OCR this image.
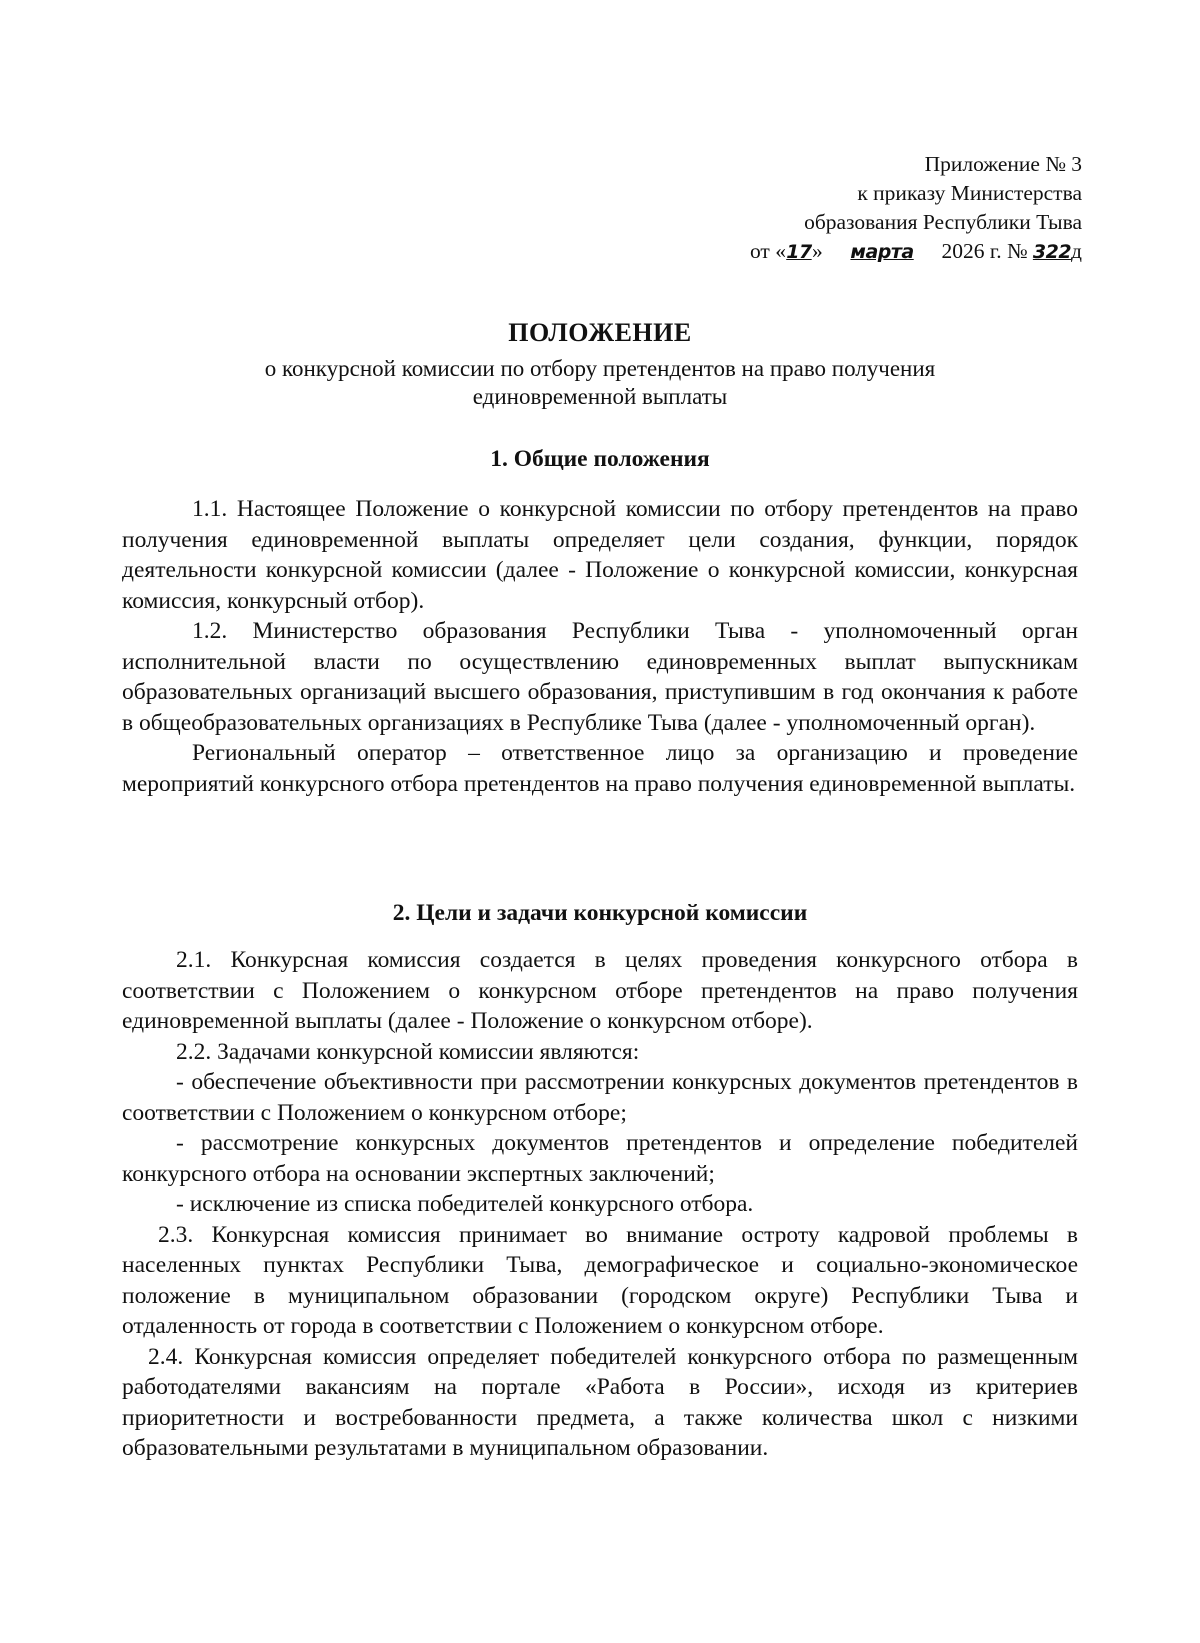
Приложение № 3
к приказу Министерства
образования Республики Тыва
от «17» марта 2026 г. № 322д
ПОЛОЖЕНИЕ
о конкурсной комиссии по отбору претендентов на право получения единовременной выплаты
1. Общие положения

1.1. Настоящее Положение о конкурсной комиссии по отбору претендентов на право получения единовременной выплаты определяет цели создания, функции, порядок деятельности конкурсной комиссии (далее - Положение о конкурсной комиссии, конкурсная комиссия, конкурсный отбор).

1.2. Министерство образования Республики Тыва - уполномоченный орган исполнительной власти по осуществлению единовременных выплат выпускникам образовательных организаций высшего образования, приступившим в год окончания к работе в общеобразовательных организациях в Республике Тыва (далее - уполномоченный орган).

Региональный оператор – ответственное лицо за организацию и проведение мероприятий конкурсного отбора претендентов на право получения единовременной выплаты.

2. Цели и задачи конкурсной комиссии

2.1. Конкурсная комиссия создается в целях проведения конкурсного отбора в соответствии с Положением о конкурсном отборе претендентов на право получения единовременной выплаты (далее - Положение о конкурсном отборе).

2.2. Задачами конкурсной комиссии являются:

- обеспечение объективности при рассмотрении конкурсных документов претендентов в соответствии с Положением о конкурсном отборе;

- рассмотрение конкурсных документов претендентов и определение победителей конкурсного отбора на основании экспертных заключений;

- исключение из списка победителей конкурсного отбора.

2.3. Конкурсная комиссия принимает во внимание остроту кадровой проблемы в населенных пунктах Республики Тыва, демографическое и социально-экономическое положение в муниципальном образовании (городском округе) Республики Тыва и отдаленность от города в соответствии с Положением о конкурсном отборе.

2.4. Конкурсная комиссия определяет победителей конкурсного отбора по размещенным работодателями вакансиям на портале «Работа в России», исходя из критериев приоритетности и востребованности предмета, а также количества школ с низкими образовательными результатами в муниципальном образовании.
